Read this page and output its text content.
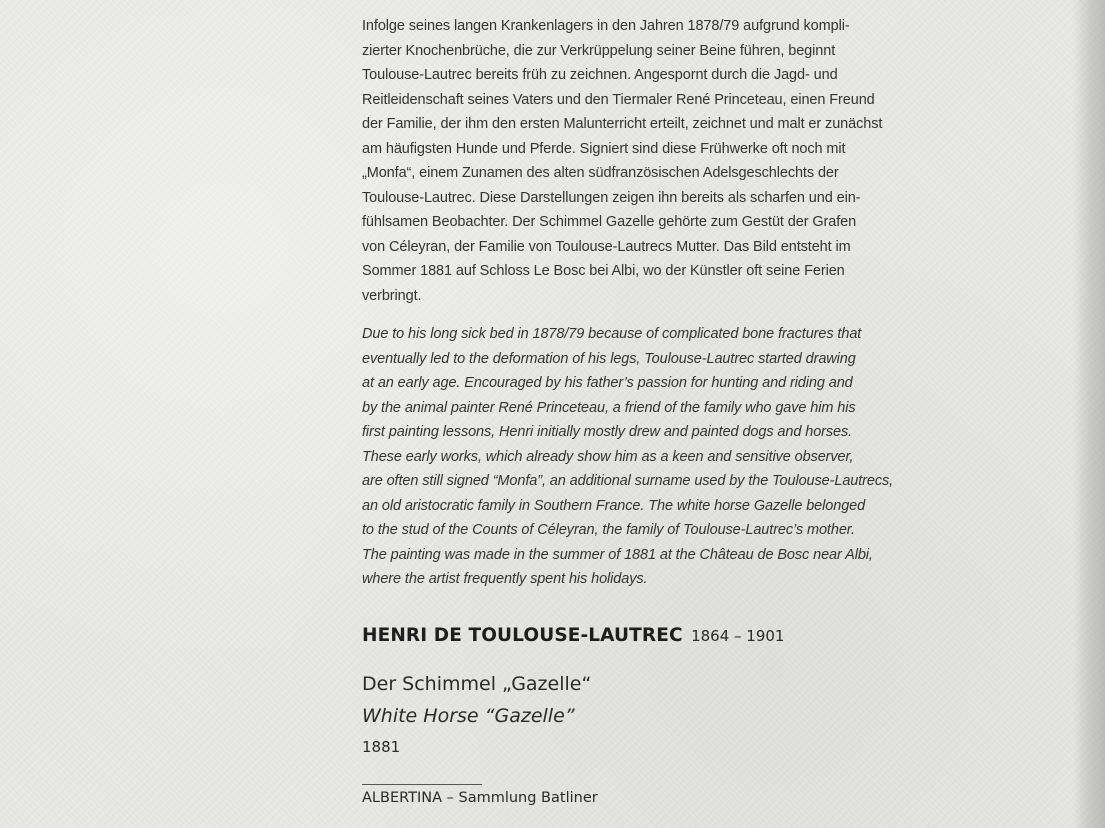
Infolge seines langen Krankenlagers in den Jahren 1878/79 aufgrund kompli-
zierter Knochenbrüche, die zur Verkrüppelung seiner Beine führen, beginnt
Toulouse-Lautrec bereits früh zu zeichnen. Angespornt durch die Jagd- und
Reitleidenschaft seines Vaters und den Tiermaler René Princeteau, einen Freund
der Familie, der ihm den ersten Malunterricht erteilt, zeichnet und malt er zunächst
am häufigsten Hunde und Pferde. Signiert sind diese Frühwerke oft noch mit
„Monfa“, einem Zunamen des alten südfranzösischen Adelsgeschlechts der
Toulouse-Lautrec. Diese Darstellungen zeigen ihn bereits als scharfen und ein-
fühlsamen Beobachter. Der Schimmel Gazelle gehörte zum Gestüt der Grafen
von Céleyran, der Familie von Toulouse-Lautrecs Mutter. Das Bild entsteht im
Sommer 1881 auf Schloss Le Bosc bei Albi, wo der Künstler oft seine Ferien
verbringt.

Due to his long sick bed in 1878/79 because of complicated bone fractures that
eventually led to the deformation of his legs, Toulouse-Lautrec started drawing
at an early age. Encouraged by his father’s passion for hunting and riding and
by the animal painter René Princeteau, a friend of the family who gave him his
first painting lessons, Henri initially mostly drew and painted dogs and horses.
These early works, which already show him as a keen and sensitive observer,
are often still signed “Monfa”, an additional surname used by the Toulouse-Lautrecs,
an old aristocratic family in Southern France. The white horse Gazelle belonged
to the stud of the Counts of Céleyran, the family of Toulouse-Lautrec’s mother.
The painting was made in the summer of 1881 at the Château de Bosc near Albi,
where the artist frequently spent his holidays.

HENRI DE TOULOUSE-LAUTREC 1864 – 1901
Der Schimmel „Gazelle“
White Horse “Gazelle”
1881
ALBERTINA – Sammlung Batliner
